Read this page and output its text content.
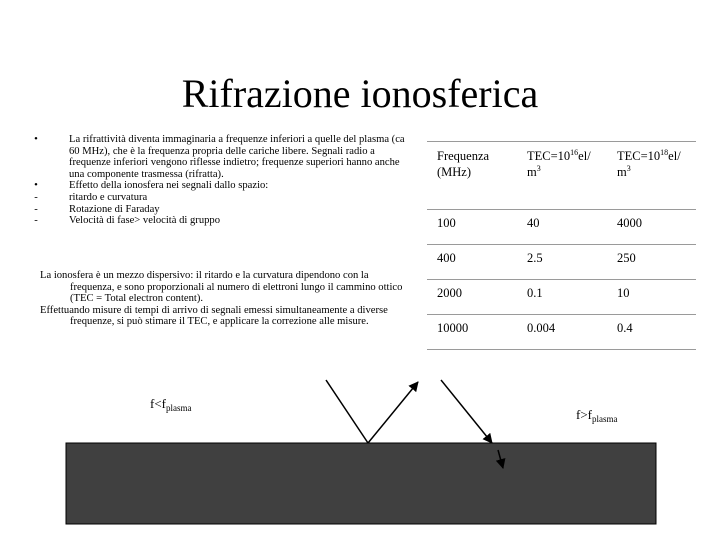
Rifrazione ionosferica
•	La rifrattività diventa immaginaria a frequenze inferiori a quelle del plasma (ca 60 MHz), che è la frequenza propria delle cariche libere. Segnali radio a frequenze inferiori vengono riflesse indietro; frequenze superiori hanno anche una componente trasmessa (rifratta).
•	Effetto della ionosfera nei segnali dallo spazio:
-	ritardo e curvatura
-	Rotazione di Faraday
-	Velocità di fase> velocità di gruppo

La ionosfera è un mezzo dispersivo: il ritardo e la curvatura dipendono con la frequenza, e sono proporzionali al numero di elettroni lungo il cammino ottico (TEC = Total electron content).

Effettuando misure di tempi di arrivo di segnali emessi simultaneamente a diverse frequenze, si può stimare il TEC, e applicare la correzione alle misure.

Frequenza (MHz)	$TEC=10^{16}el/$ $m^3$	$TEC=10^{18}el/$ $m^3$
100	40	4000
400	2.5	250
2000	0.1	10
10000	0.004	0.4
$f<f_{plasma}$	$f>f_{plasma}$
